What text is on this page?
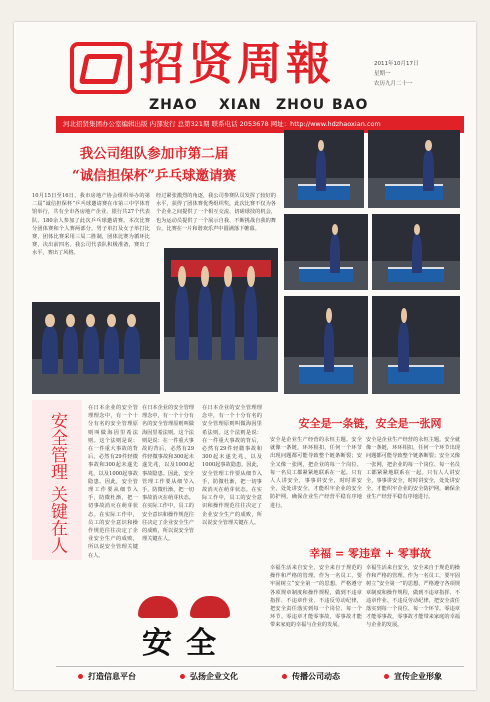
招贤周報
ZHAO XIAN ZHOU BAO
2011年10月17日
星期一
农历九月二十一
河北招贤集团办公室编辑出版 内部发行 总第321期 联系电话 2053678 网址：http://www.hdzhaoxian.com
我公司组队参加市第二届
“诚信担保杯”乒乓球邀请赛
10月15日至16日，我市房地产协会组织举办的第二届“诚信担保杯”乒乓球邀请赛在市第三中学体育馆举行，共有全市各房地产企业、银行共27个代表队、180余人参加了此次乒乓球邀请赛。本次比赛分团体赛和个人赛两部分，男子单打及女子单打比赛，团体比赛采用三局二胜制，团体比赛为循环比赛，决出前四名。我公司代表队积极准备，赛出了水平，赛出了风格。
经过紧张激烈的角逐，我公司参赛队员发挥了较好的水平，获得了团体赛优秀组织奖。此次比赛不仅为各个企业之间提供了一个相互交流、切磋球技的机会，也为运动员提供了一个展示自我、不断挑战自我的舞台，比赛在一片和谐欢乐声中圆满落下帷幕。
安全管理 关键在人
在日本企业的安全管理理念中，有一个十分有名的安全管理原则叫做海因里希法则。这个法则是说：在一件重大事故的背后，必然有29件轻微事故和300起未遂先兆，以及1000起事故隐患。因此，安全管理工作要从细节入手，防微杜渐，把一切事故消灭在萌芽状态。在实际工作中，员工的安全意识和操作规范往往决定了企业安全生产的成败，所以说安全管理关键在人。
在日本企业的安全管理理念中，有一个十分有名的安全管理原则叫做海因里希法则。这个法则是说：在一件重大事故的背后，必然有29件轻微事故和300起未遂先兆，以及1000起事故隐患。因此，安全管理工作要从细节入手，防微杜渐，把一切事故消灭在萌芽状态。在实际工作中，员工的安全意识和操作规范往往决定了企业安全生产的成败，所以说安全管理关键在人。
在日本企业的安全管理理念中，有一个十分有名的安全管理原则叫做海因里希法则。这个法则是说：在一件重大事故的背后，必然有29件轻微事故和300起未遂先兆，以及1000起事故隐患。因此，安全管理工作要从细节入手，防微杜渐，把一切事故消灭在萌芽状态。在实际工作中，员工的安全意识和操作规范往往决定了企业安全生产的成败，所以说安全管理关键在人。
安全
安全是一条链，安全是一张网
安全是企业生产经营的永恒主题。安全就像一条链，环环相扣，任何一个环节出现问题都可能导致整个链条断裂；安全又像一张网，把企业的每一个岗位、每一名员工都紧紧地联系在一起。只有人人讲安全，事事讲安全，时时讲安全，处处讲安全，才能织牢企业的安全防护网，确保企业生产经营平稳有序地进行。
安全是企业生产经营的永恒主题。安全就像一条链，环环相扣，任何一个环节出现问题都可能导致整个链条断裂；安全又像一张网，把企业的每一个岗位、每一名员工都紧紧地联系在一起。只有人人讲安全，事事讲安全，时时讲安全，处处讲安全，才能织牢企业的安全防护网，确保企业生产经营平稳有序地进行。
幸福 = 零违章 + 零事故
幸福生活来自安全，安全来自于规范的操作和严格的管理。作为一名员工，要牢固树立“安全第一”的思想，严格遵守各项规章制度和操作规程，做到不违章指挥、不违章作业、不违反劳动纪律，把安全责任落实到每一个岗位、每一个环节。零违章才能零事故，零事故才能带来家庭的幸福与企业的发展。
幸福生活来自安全，安全来自于规范的操作和严格的管理。作为一名员工，要牢固树立“安全第一”的思想，严格遵守各项规章制度和操作规程，做到不违章指挥、不违章作业、不违反劳动纪律，把安全责任落实到每一个岗位、每一个环节。零违章才能零事故，零事故才能带来家庭的幸福与企业的发展。
打造信息平台	弘扬企业文化	传播公司动态	宣传企业形象
